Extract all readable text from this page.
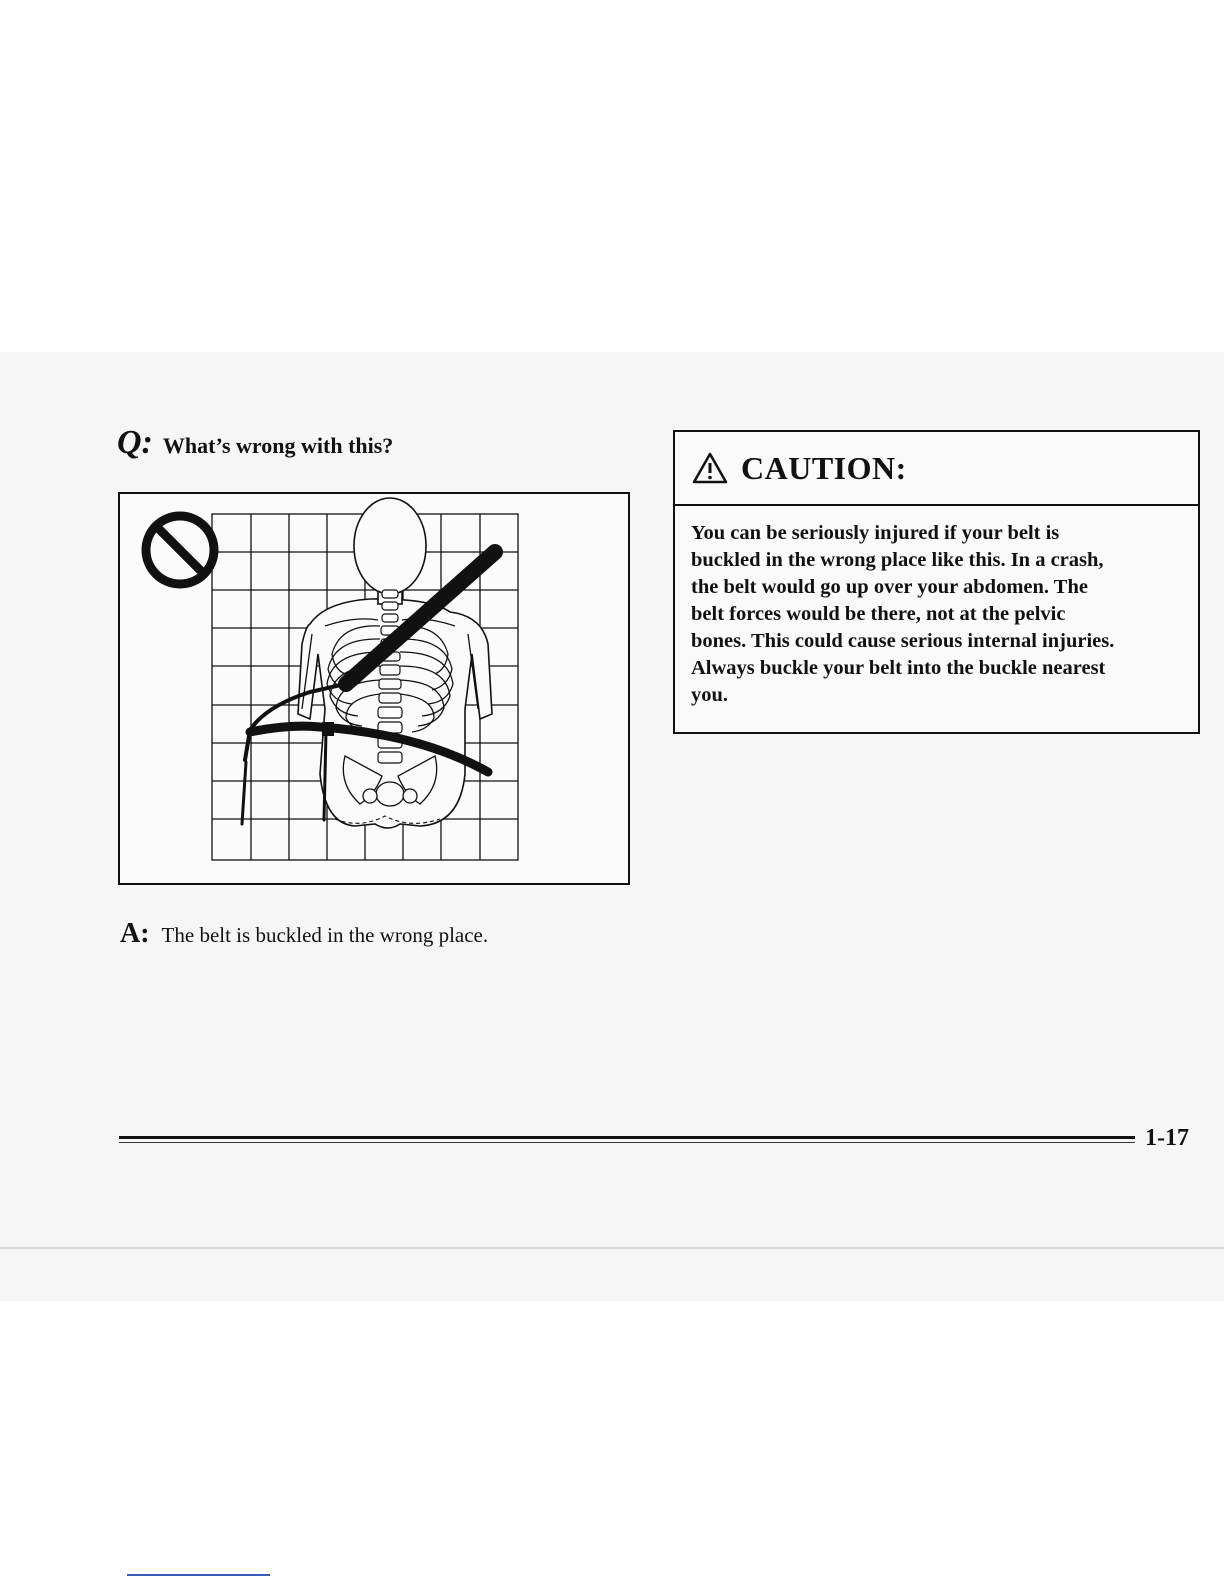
Q: What’s wrong with this?
A: The belt is buckled in the wrong place.
CAUTION:
You can be seriously injured if your belt is
buckled in the wrong place like this. In a crash,
the belt would go up over your abdomen. The
belt forces would be there, not at the pelvic
bones. This could cause serious internal injuries.
Always buckle your belt into the buckle nearest
you.
1-17
